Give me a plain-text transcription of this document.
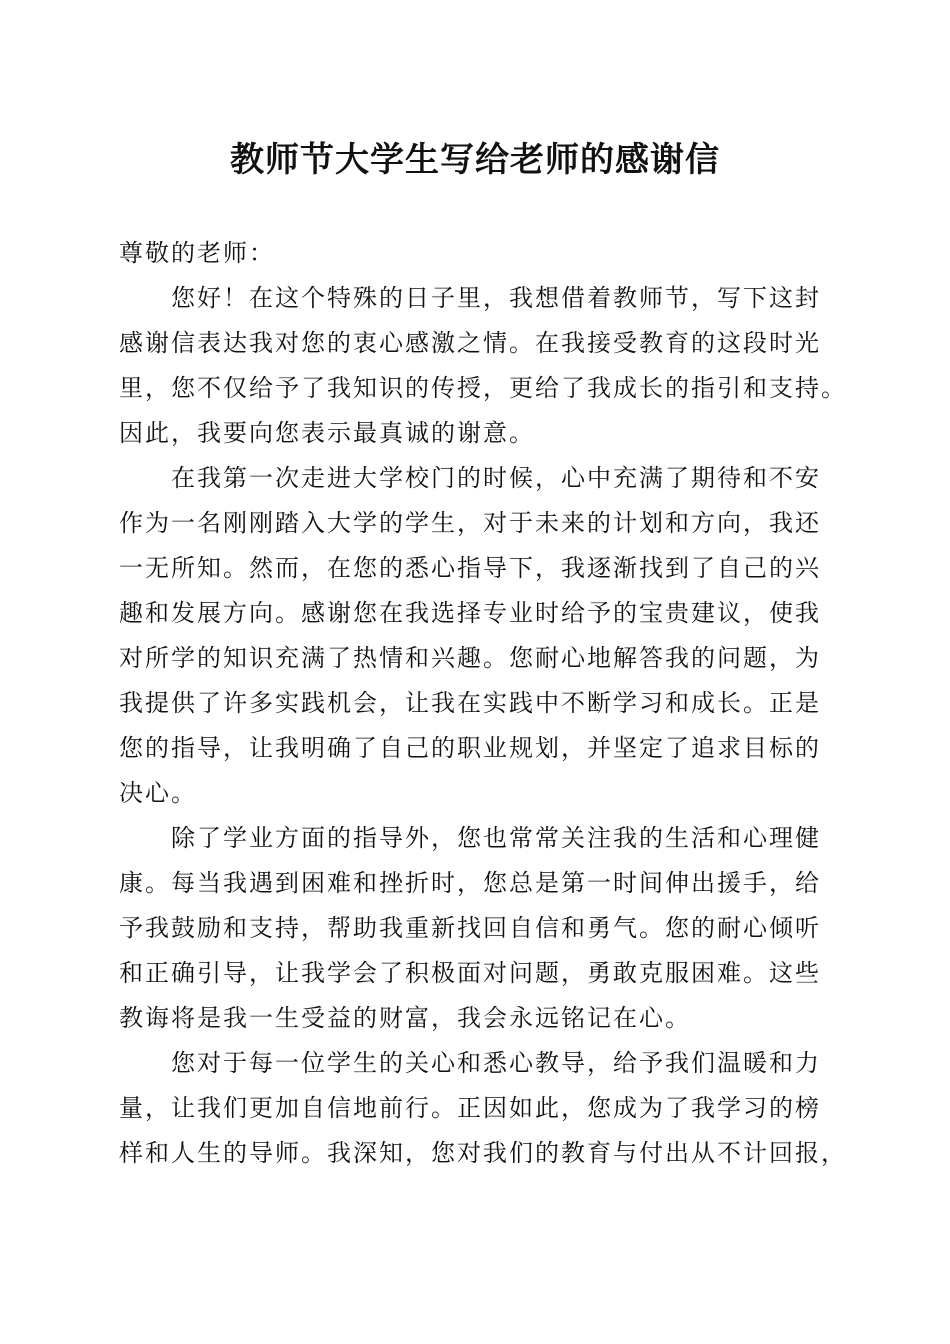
教师节大学生写给老师的感谢信
尊敬的老师：
您好！在这个特殊的日子里，我想借着教师节，写下这封
感谢信表达我对您的衷心感激之情。在我接受教育的这段时光
里，您不仅给予了我知识的传授，更给了我成长的指引和支持。
因此，我要向您表示最真诚的谢意。
在我第一次走进大学校门的时候，心中充满了期待和不安
作为一名刚刚踏入大学的学生，对于未来的计划和方向，我还
一无所知。然而，在您的悉心指导下，我逐渐找到了自己的兴
趣和发展方向。感谢您在我选择专业时给予的宝贵建议，使我
对所学的知识充满了热情和兴趣。您耐心地解答我的问题，为
我提供了许多实践机会，让我在实践中不断学习和成长。正是
您的指导，让我明确了自己的职业规划，并坚定了追求目标的
决心。
除了学业方面的指导外，您也常常关注我的生活和心理健
康。每当我遇到困难和挫折时，您总是第一时间伸出援手，给
予我鼓励和支持，帮助我重新找回自信和勇气。您的耐心倾听
和正确引导，让我学会了积极面对问题，勇敢克服困难。这些
教诲将是我一生受益的财富，我会永远铭记在心。
您对于每一位学生的关心和悉心教导，给予我们温暖和力
量，让我们更加自信地前行。正因如此，您成为了我学习的榜
样和人生的导师。我深知，您对我们的教育与付出从不计回报，
